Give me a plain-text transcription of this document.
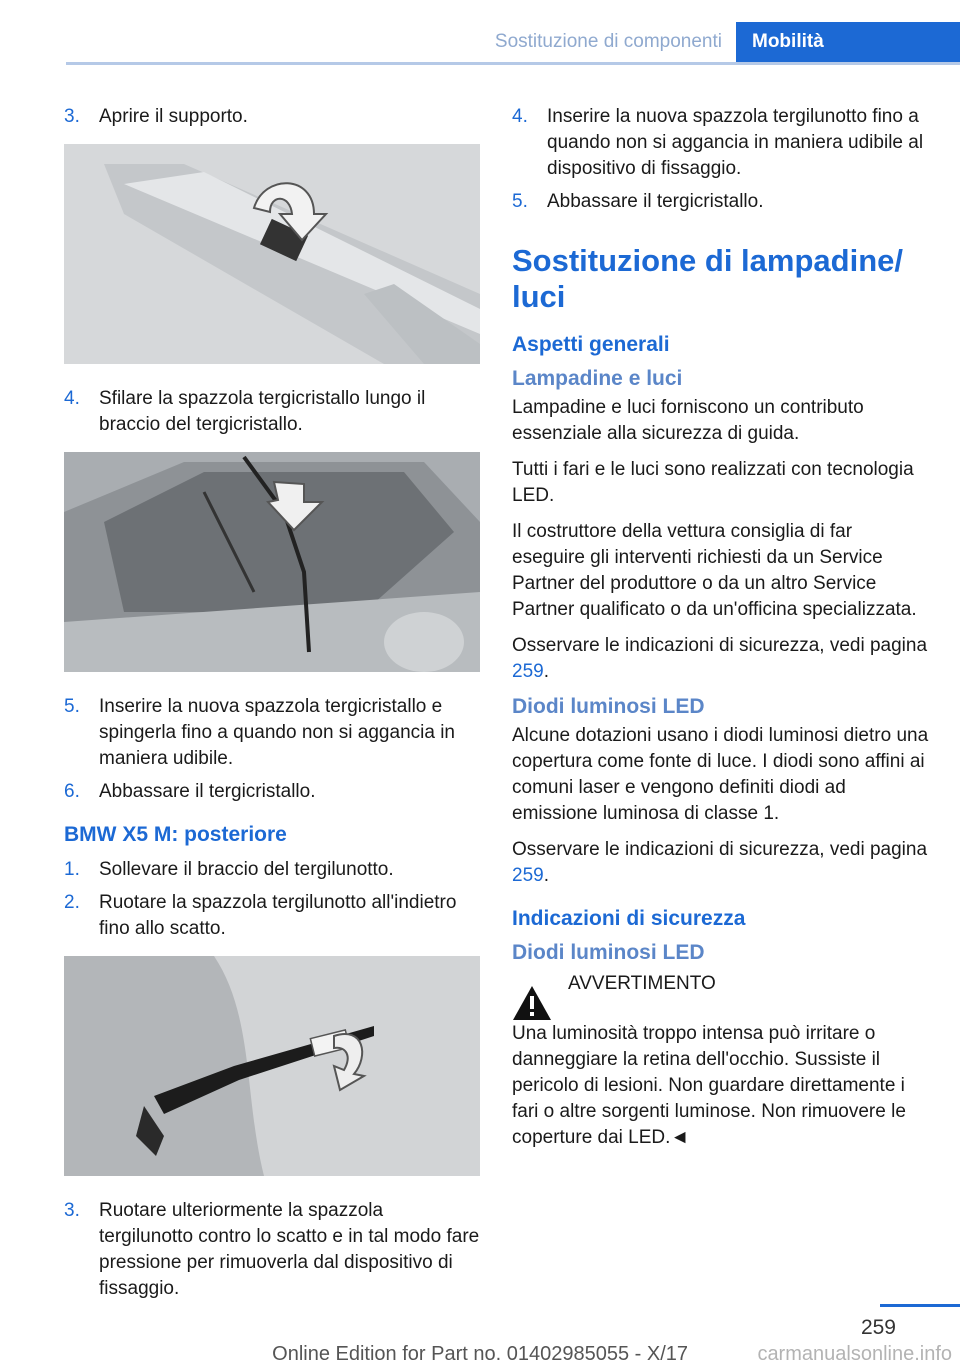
Sostituzione di componenti	Mobilità
3.	Aprire il supporto.
4.	Sfilare la spazzola tergicristallo lungo il braccio del tergicristallo.
5.	Inserire la nuova spazzola tergicristallo e spingerla fino a quando non si aggancia in maniera udibile.
6.	Abbassare il tergicristallo.
BMW X5 M: posteriore
1.	Sollevare il braccio del tergilunotto.
2.	Ruotare la spazzola tergilunotto all'indietro fino allo scatto.
3.	Ruotare ulteriormente la spazzola tergilunotto contro lo scatto e in tal modo fare pressione per rimuoverla dal dispositivo di fissaggio.
4.	Inserire la nuova spazzola tergilunotto fino a quando non si aggancia in maniera udibile al dispositivo di fissaggio.
5.	Abbassare il tergicristallo.
Sostituzione di lampadine/ luci
Aspetti generali
Lampadine e luci
Lampadine e luci forniscono un contributo essenziale alla sicurezza di guida.
Tutti i fari e le luci sono realizzati con tecnologia LED.
Il costruttore della vettura consiglia di far eseguire gli interventi richiesti da un Service Partner del produttore o da un altro Service Partner qualificato o da un'officina specializzata.
Osservare le indicazioni di sicurezza, vedi pagina 259.
Diodi luminosi LED
Alcune dotazioni usano i diodi luminosi dietro una copertura come fonte di luce. I diodi sono affini ai comuni laser e vengono definiti diodi ad emissione luminosa di classe 1.
Osservare le indicazioni di sicurezza, vedi pagina 259.
Indicazioni di sicurezza
Diodi luminosi LED
AVVERTIMENTO
Una luminosità troppo intensa può irritare o danneggiare la retina dell'occhio. Sussiste il pericolo di lesioni. Non guardare direttamente i fari o altre sorgenti luminose. Non rimuovere le coperture dai LED.◄
259
Online Edition for Part no. 01402985055 - X/17	carmanualsonline.info
